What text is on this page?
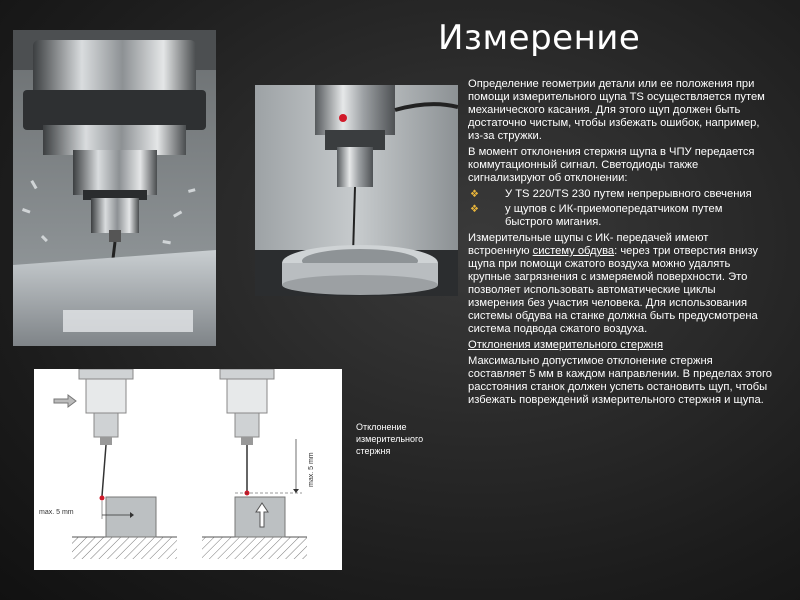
Измерение
max. 5 mm
max. 5 mm
Отклонение измерительного стержня

Определение геометрии детали или ее положения при помощи измерительного щупа TS осуществляется путем механического касания. Для этого щуп должен быть достаточно чистым, чтобы избежать ошибок, например, из-за стружки.

В момент отклонения стержня щупа в ЧПУ передается коммутационный сигнал. Светодиоды также сигнализируют об отклонении:

❖ У TS 220/TS 230 путем непрерывного свечения
❖ у щупов с ИК-приемопередатчиком путем быстрого мигания.

Измерительные щупы с ИК- передачей имеют встроенную систему обдува: через три отверстия внизу щупа при помощи сжатого воздуха можно удалять крупные загрязнения с измеряемой поверхности. Это позволяет использовать автоматические циклы измерения без участия человека. Для использования системы обдува на станке должна быть предусмотрена система подвода сжатого воздуха.

Отклонения измерительного стержня

Максимально допустимое отклонение стержня составляет 5 мм в каждом направлении. В пределах этого расстояния станок должен успеть остановить щуп, чтобы избежать повреждений измерительного стержня и щупа.
